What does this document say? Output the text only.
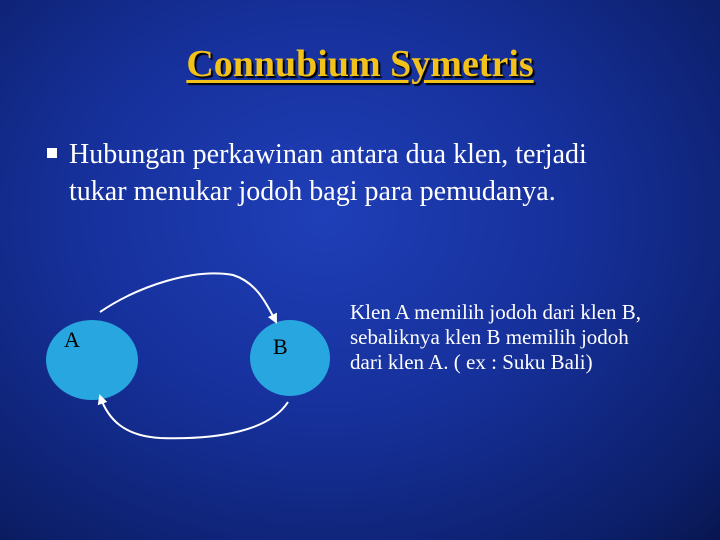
Connubium Symetris
Hubungan perkawinan antara dua klen, terjadi
tukar menukar jodoh bagi para pemudanya.
A	B
Klen A memilih jodoh dari klen B,
sebaliknya klen B memilih jodoh
dari klen A. ( ex : Suku Bali)
